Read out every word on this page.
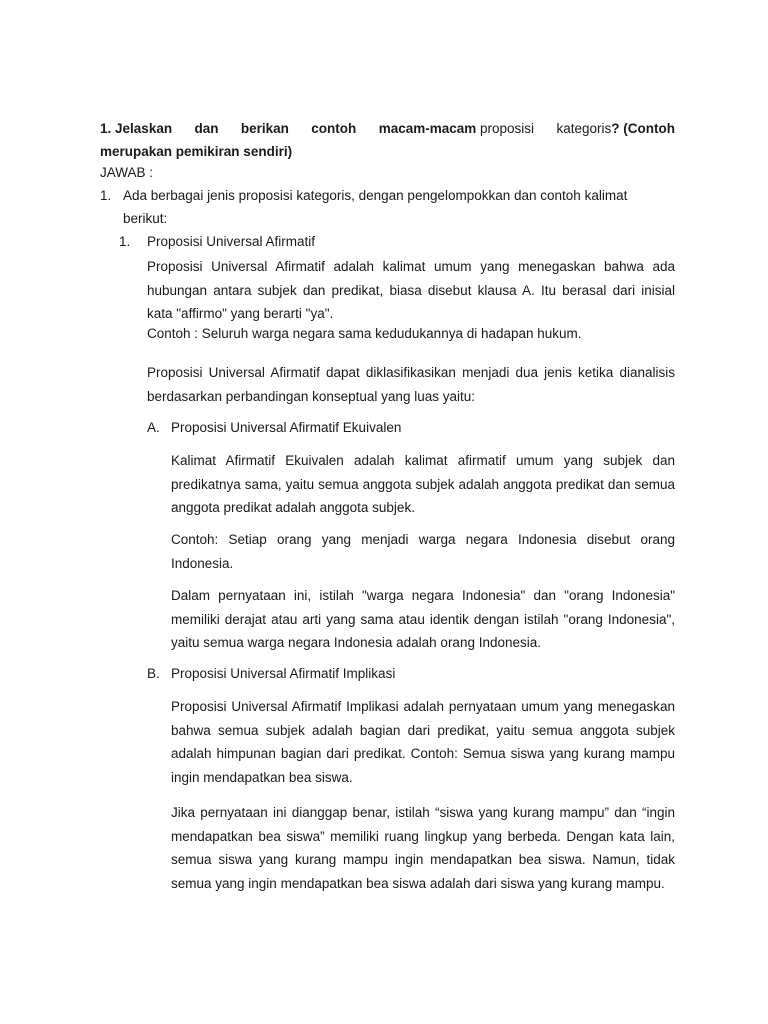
1. Jelaskan dan berikan contoh macam-macam proposisi kategoris? (Contoh
merupakan pemikiran sendiri)
JAWAB :
1. Ada berbagai jenis proposisi kategoris, dengan pengelompokkan dan contoh kalimat
berikut:
1. Proposisi Universal Afirmatif

Proposisi Universal Afirmatif adalah kalimat umum yang menegaskan bahwa ada hubungan antara subjek dan predikat, biasa disebut klausa A. Itu berasal dari inisial kata "affirmo" yang berarti "ya".

Contoh : Seluruh warga negara sama kedudukannya di hadapan hukum.

Proposisi Universal Afirmatif dapat diklasifikasikan menjadi dua jenis ketika dianalisis berdasarkan perbandingan konseptual yang luas yaitu:

A. Proposisi Universal Afirmatif Ekuivalen

Kalimat Afirmatif Ekuivalen adalah kalimat afirmatif umum yang subjek dan predikatnya sama, yaitu semua anggota subjek adalah anggota predikat dan semua anggota predikat adalah anggota subjek.

Contoh: Setiap orang yang menjadi warga negara Indonesia disebut orang Indonesia.

Dalam pernyataan ini, istilah "warga negara Indonesia" dan "orang Indonesia" memiliki derajat atau arti yang sama atau identik dengan istilah "orang Indonesia", yaitu semua warga negara Indonesia adalah orang Indonesia.

B. Proposisi Universal Afirmatif Implikasi

Proposisi Universal Afirmatif Implikasi adalah pernyataan umum yang menegaskan bahwa semua subjek adalah bagian dari predikat, yaitu semua anggota subjek adalah himpunan bagian dari predikat. Contoh: Semua siswa yang kurang mampu ingin mendapatkan bea siswa.

Jika pernyataan ini dianggap benar, istilah “siswa yang kurang mampu” dan “ingin mendapatkan bea siswa” memiliki ruang lingkup yang berbeda. Dengan kata lain, semua siswa yang kurang mampu ingin mendapatkan bea siswa. Namun, tidak semua yang ingin mendapatkan bea siswa adalah dari siswa yang kurang mampu.
